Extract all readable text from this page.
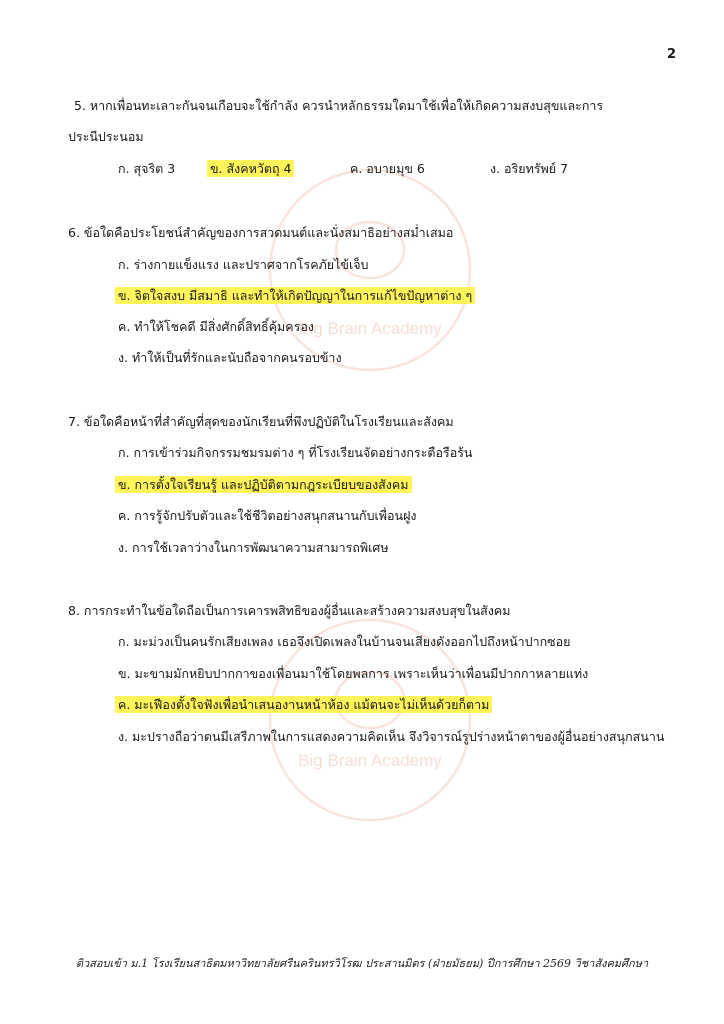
Big Brain Academy
Big Brain Academy
2
5. หากเพื่อนทะเลาะกันจนเกือบจะใช้กำลัง ควรนำหลักธรรมใดมาใช้เพื่อให้เกิดความสงบสุขและการ
ประนีประนอม
ก. สุจริต 3	ข. สังคหวัตถุ 4	ค. อบายมุข 6	ง. อริยทรัพย์ 7
6. ข้อใดคือประโยชน์สำคัญของการสวดมนต์และนั่งสมาธิอย่างสม่ำเสมอ
ก. ร่างกายแข็งแรง และปราศจากโรคภัยไข้เจ็บ
ข. จิตใจสงบ มีสมาธิ และทำให้เกิดปัญญาในการแก้ไขปัญหาต่าง ๆ
ค. ทำให้โชคดี มีสิ่งศักดิ์สิทธิ์คุ้มครอง
ง. ทำให้เป็นที่รักและนับถือจากคนรอบข้าง
7. ข้อใดคือหน้าที่สำคัญที่สุดของนักเรียนที่พึงปฏิบัติในโรงเรียนและสังคม
ก. การเข้าร่วมกิจกรรมชมรมต่าง ๆ ที่โรงเรียนจัดอย่างกระตือรือร้น
ข. การตั้งใจเรียนรู้ และปฏิบัติตามกฎระเบียบของสังคม
ค. การรู้จักปรับตัวและใช้ชีวิตอย่างสนุกสนานกับเพื่อนฝูง
ง. การใช้เวลาว่างในการพัฒนาความสามารถพิเศษ
8. การกระทำในข้อใดถือเป็นการเคารพสิทธิของผู้อื่นและสร้างความสงบสุขในสังคม
ก. มะม่วงเป็นคนรักเสียงเพลง เธอจึงเปิดเพลงในบ้านจนเสียงดังออกไปถึงหน้าปากซอย
ข. มะขามมักหยิบปากกาของเพื่อนมาใช้โดยพลการ เพราะเห็นว่าเพื่อนมีปากกาหลายแท่ง
ค. มะเฟืองตั้งใจฟังเพื่อนำเสนองานหน้าห้อง แม้ตนจะไม่เห็นด้วยก็ตาม
ง. มะปรางถือว่าตนมีเสรีภาพในการแสดงความคิดเห็น จึงวิจารณ์รูปร่างหน้าตาของผู้อื่นอย่างสนุกสนาน
ติวสอบเข้า ม.1 โรงเรียนสาธิตมหาวิทยาลัยศรีนครินทรวิโรฒ ประสานมิตร (ฝ่ายมัธยม) ปีการศึกษา 2569 วิชาสังคมศึกษา
